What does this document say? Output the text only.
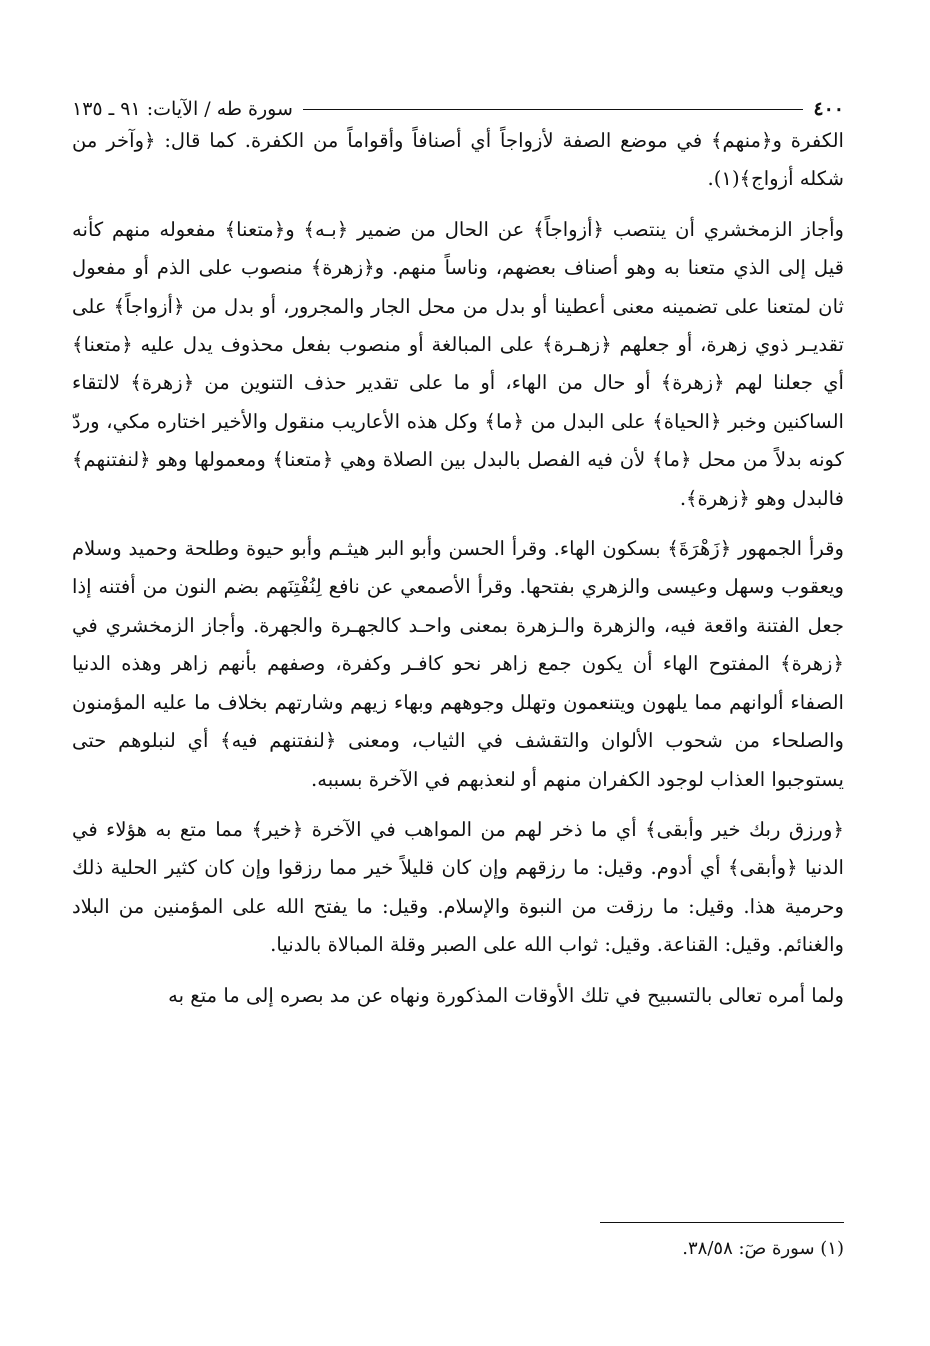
٤٠٠
سورة طه / الآيات: ٩١ ـ ١٣٥

الكفرة و﴿منهم﴾ في موضع الصفة لأزواجاً أي أصنافاً وأقواماً من الكفرة. كما قال: ﴿وآخر من شكله أزواج﴾(١).

وأجاز الزمخشري أن ينتصب ﴿أزواجاً﴾ عن الحال من ضمير ﴿بـه﴾ و﴿متعنا﴾ مفعوله منهم كأنه قيل إلى الذي متعنا به وهو أصناف بعضهم، وناساً منهم. و﴿زهرة﴾ منصوب على الذم أو مفعول ثان لمتعنا على تضمينه معنى أعطينا أو بدل من محل الجار والمجرور، أو بدل من ﴿أزواجاً﴾ على تقديـر ذوي زهرة، أو جعلهم ﴿زهـرة﴾ على المبالغة أو منصوب بفعل محذوف يدل عليه ﴿متعنا﴾ أي جعلنا لهم ﴿زهرة﴾ أو حال من الهاء، أو ما على تقدير حذف التنوين من ﴿زهرة﴾ لالتقاء الساكنين وخبر ﴿الحياة﴾ على البدل من ﴿ما﴾ وكل هذه الأعاريب منقول والأخير اختاره مكي، وردّ كونه بدلاً من محل ﴿ما﴾ لأن فيه الفصل بالبدل بين الصلاة وهي ﴿متعنا﴾ ومعمولها وهو ﴿لنفتنهم﴾ فالبدل وهو ﴿زهرة﴾.

وقرأ الجمهور ﴿زَهْرَةَ﴾ بسكون الهاء. وقرأ الحسن وأبو البر هيثـم وأبو حيوة وطلحة وحميد وسلام ويعقوب وسهل وعيسى والزهري بفتحها. وقرأ الأصمعي عن نافع لِنُفْتِنَهم بضم النون من أفتنه إذا جعل الفتنة واقعة فيه، والزهرة والـزهرة بمعنى واحـد كالجهـرة والجهرة. وأجاز الزمخشري في ﴿زهرة﴾ المفتوح الهاء أن يكون جمع زاهر نحو كافـر وكفرة، وصفهم بأنهم زاهر وهذه الدنيا الصفاء ألوانهم مما يلهون ويتنعمون وتهلل وجوههم وبهاء زيهم وشارتهم بخلاف ما عليه المؤمنون والصلحاء من شحوب الألوان والتقشف في الثياب، ومعنى ﴿لنفتنهم فيه﴾ أي لنبلوهم حتى يستوجبوا العذاب لوجود الكفران منهم أو لنعذبهم في الآخرة بسببه.

﴿ورزق ربك خير وأبقى﴾ أي ما ذخر لهم من المواهب في الآخرة ﴿خير﴾ مما متع به هؤلاء في الدنيا ﴿وأبقى﴾ أي أدوم. وقيل: ما رزقهم وإن كان قليلاً خير مما رزقوا وإن كان كثير الحلية ذلك وحرمية هذا. وقيل: ما رزقت من النبوة والإسلام. وقيل: ما يفتح الله على المؤمنين من البلاد والغنائم. وقيل: القناعة. وقيل: ثواب الله على الصبر وقلة المبالاة بالدنيا.

ولما أمره تعالى بالتسبيح في تلك الأوقات المذكورة ونهاه عن مد بصره إلى ما متع به

(١) سورة صٓ: ٣٨/٥٨.
